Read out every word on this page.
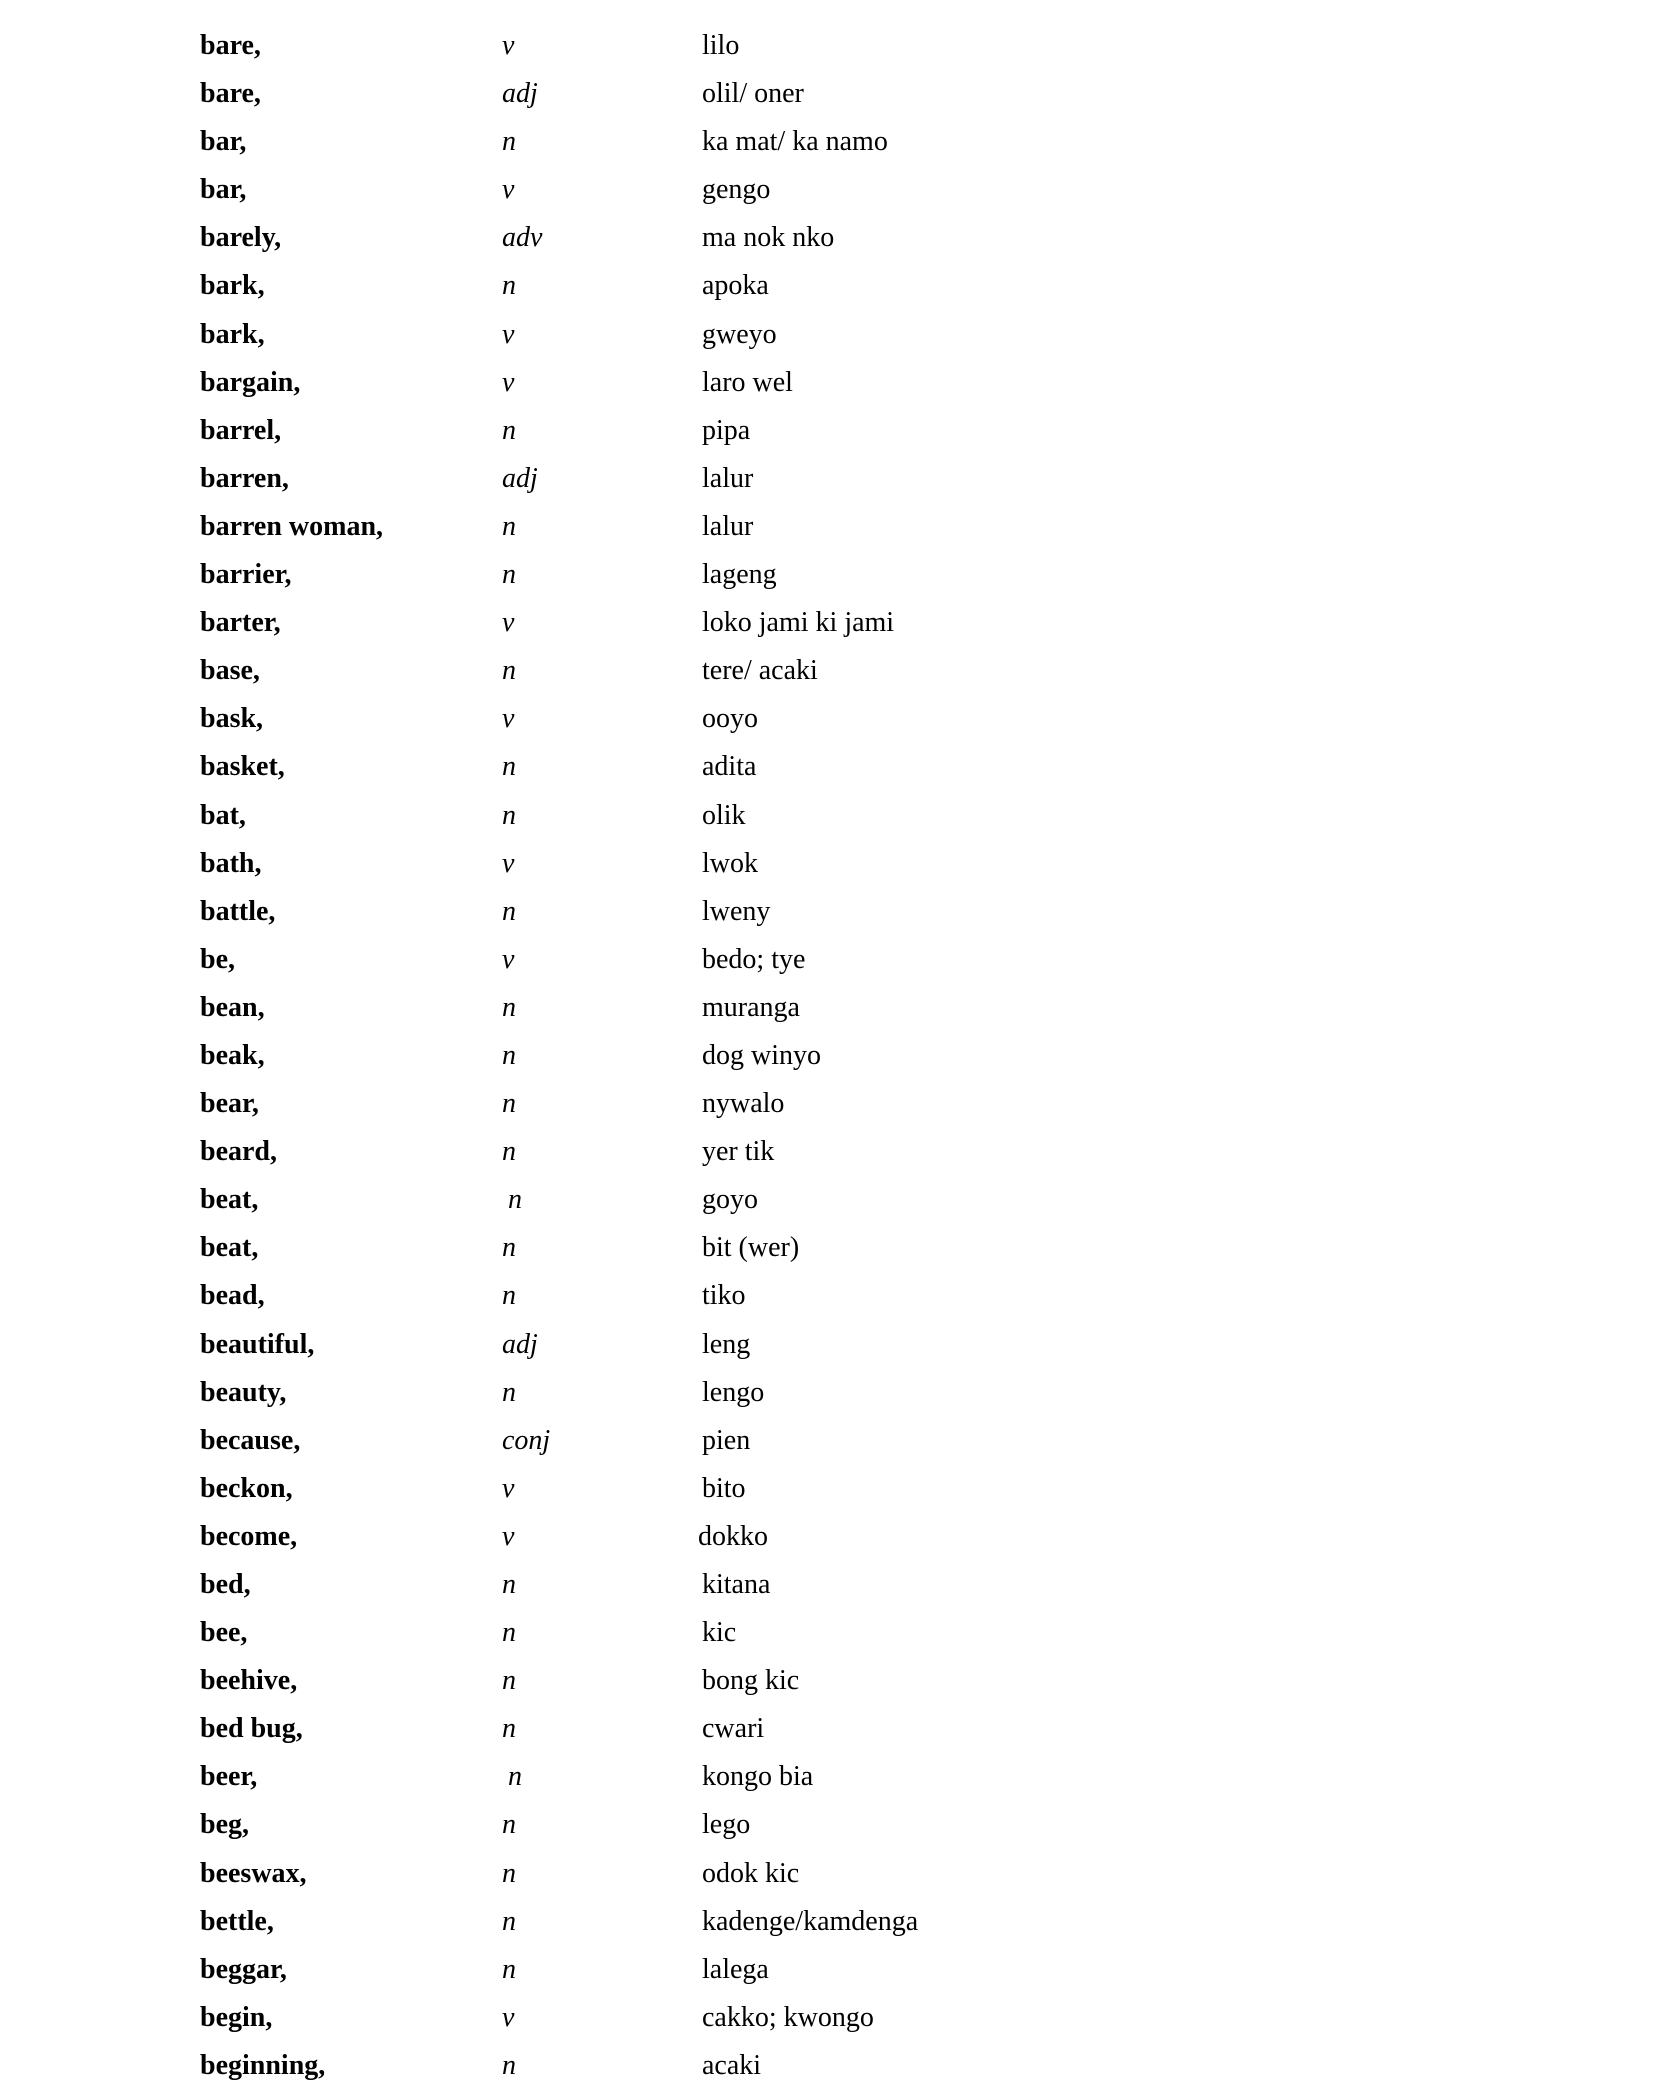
bare,	v	lilo
bare,	adj	olil/ oner
bar,	n	ka mat/ ka namo
bar,	v	gengo
barely,	adv	ma nok nko
bark,	n	apoka
bark,	v	gweyo
bargain,	v	laro wel
barrel,	n	pipa
barren,	adj	lalur
barren woman,	n	lalur
barrier,	n	lageng
barter,	v	loko jami ki jami
base,	n	tere/ acaki
bask,	v	ooyo
basket,	n	adita
bat,	n	olik
bath,	v	lwok
battle,	n	lweny
be,	v	bedo; tye
bean,	n	muranga
beak,	n	dog winyo
bear,	n	nywalo
beard,	n	yer tik
beat,	n	goyo
beat,	n	bit (wer)
bead,	n	tiko
beautiful,	adj	leng
beauty,	n	lengo
because,	conj	pien
beckon,	v	bito
become,	v	dokko
bed,	n	kitana
bee,	n	kic
beehive,	n	bong kic
bed bug,	n	cwari
beer,	n	kongo bia
beg,	n	lego
beeswax,	n	odok kic
bettle,	n	kadenge/kamdenga
beggar,	n	lalega
begin,	v	cakko; kwongo
beginning,	n	acaki
